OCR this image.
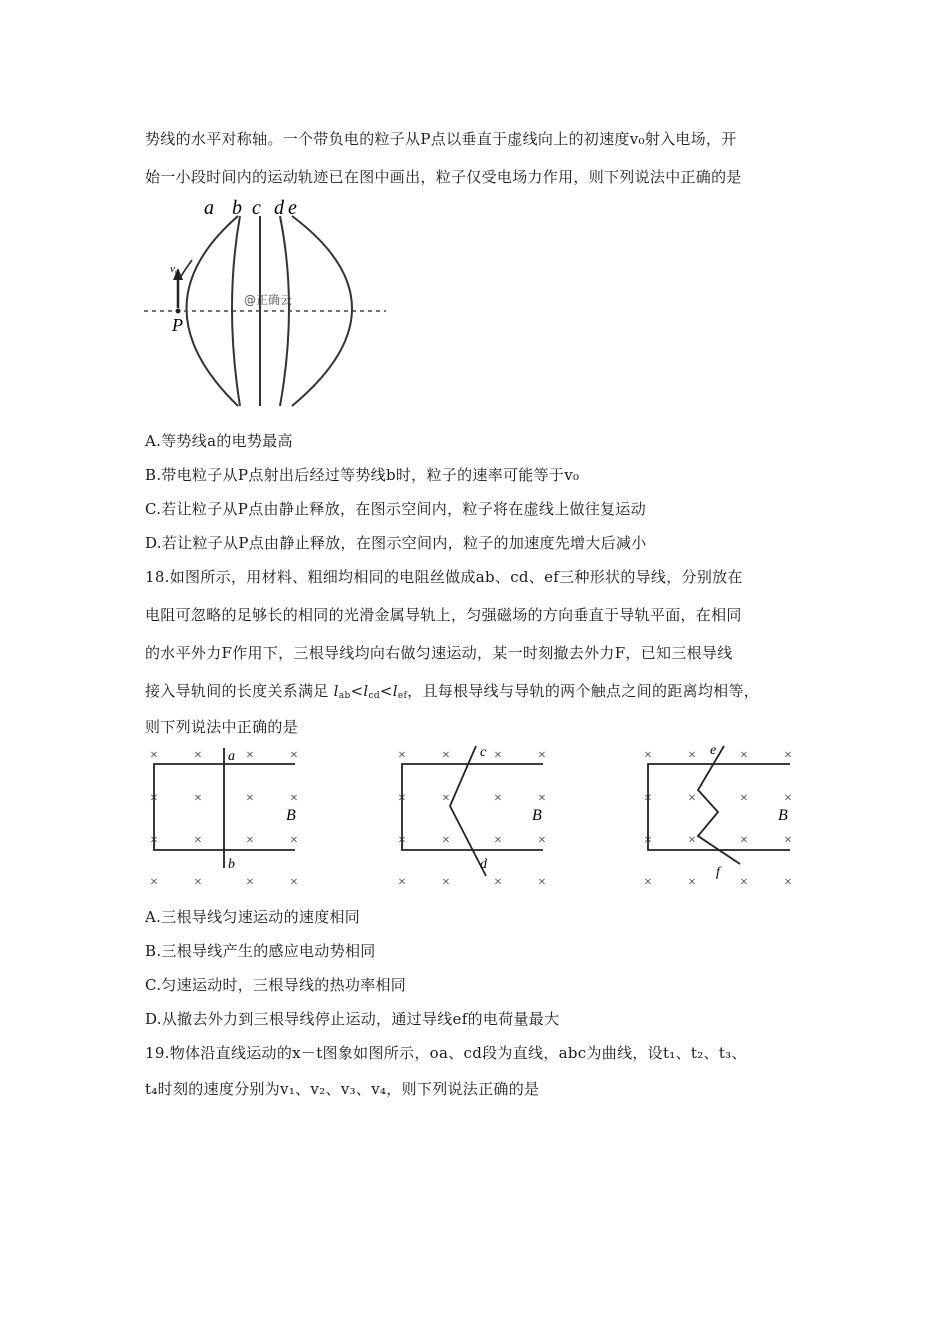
势线的水平对称轴。一个带负电的粒子从P点以垂直于虚线向上的初速度v₀射入电场，开
始一小段时间内的运动轨迹已在图中画出，粒子仅受电场力作用，则下列说法中正确的是
P
v₀
a b c d e
@正确云
A.等势线a的电势最高
B.带电粒子从P点射出后经过等势线b时，粒子的速率可能等于v₀
C.若让粒子从P点由静止释放，在图示空间内，粒子将在虚线上做往复运动
D.若让粒子从P点由静止释放，在图示空间内，粒子的加速度先增大后减小
18.如图所示，用材料、粗细均相同的电阻丝做成ab、cd、ef三种形状的导线，分别放在
电阻可忽略的足够长的相同的光滑金属导轨上，匀强磁场的方向垂直于导轨平面，在相同
的水平外力F作用下，三根导线均向右做匀速运动，某一时刻撤去外力F，已知三根导线
接入导轨间的长度关系满足 $l_{ab}<l_{cd}<l_{ef}$，且每根导线与导轨的两个触点之间的距离均相等，
则下列说法中正确的是
×	×	×	×
×	×	×	×
×	×	×	×
×	×	×	×
×	×	×	×
×	×	×	×
×	×	×	×
×	×	×	×
×	×	×	×
×	×	×	×
×	×	×	×
×	×	×	×
a
b
B
c
d
B
e
f
B
A.三根导线匀速运动的速度相同
B.三根导线产生的感应电动势相同
C.匀速运动时，三根导线的热功率相同
D.从撤去外力到三根导线停止运动，通过导线ef的电荷量最大
19.物体沿直线运动的x－t图象如图所示，oa、cd段为直线，abc为曲线，设t₁、t₂、t₃、
t₄时刻的速度分别为v₁、v₂、v₃、v₄，则下列说法正确的是
